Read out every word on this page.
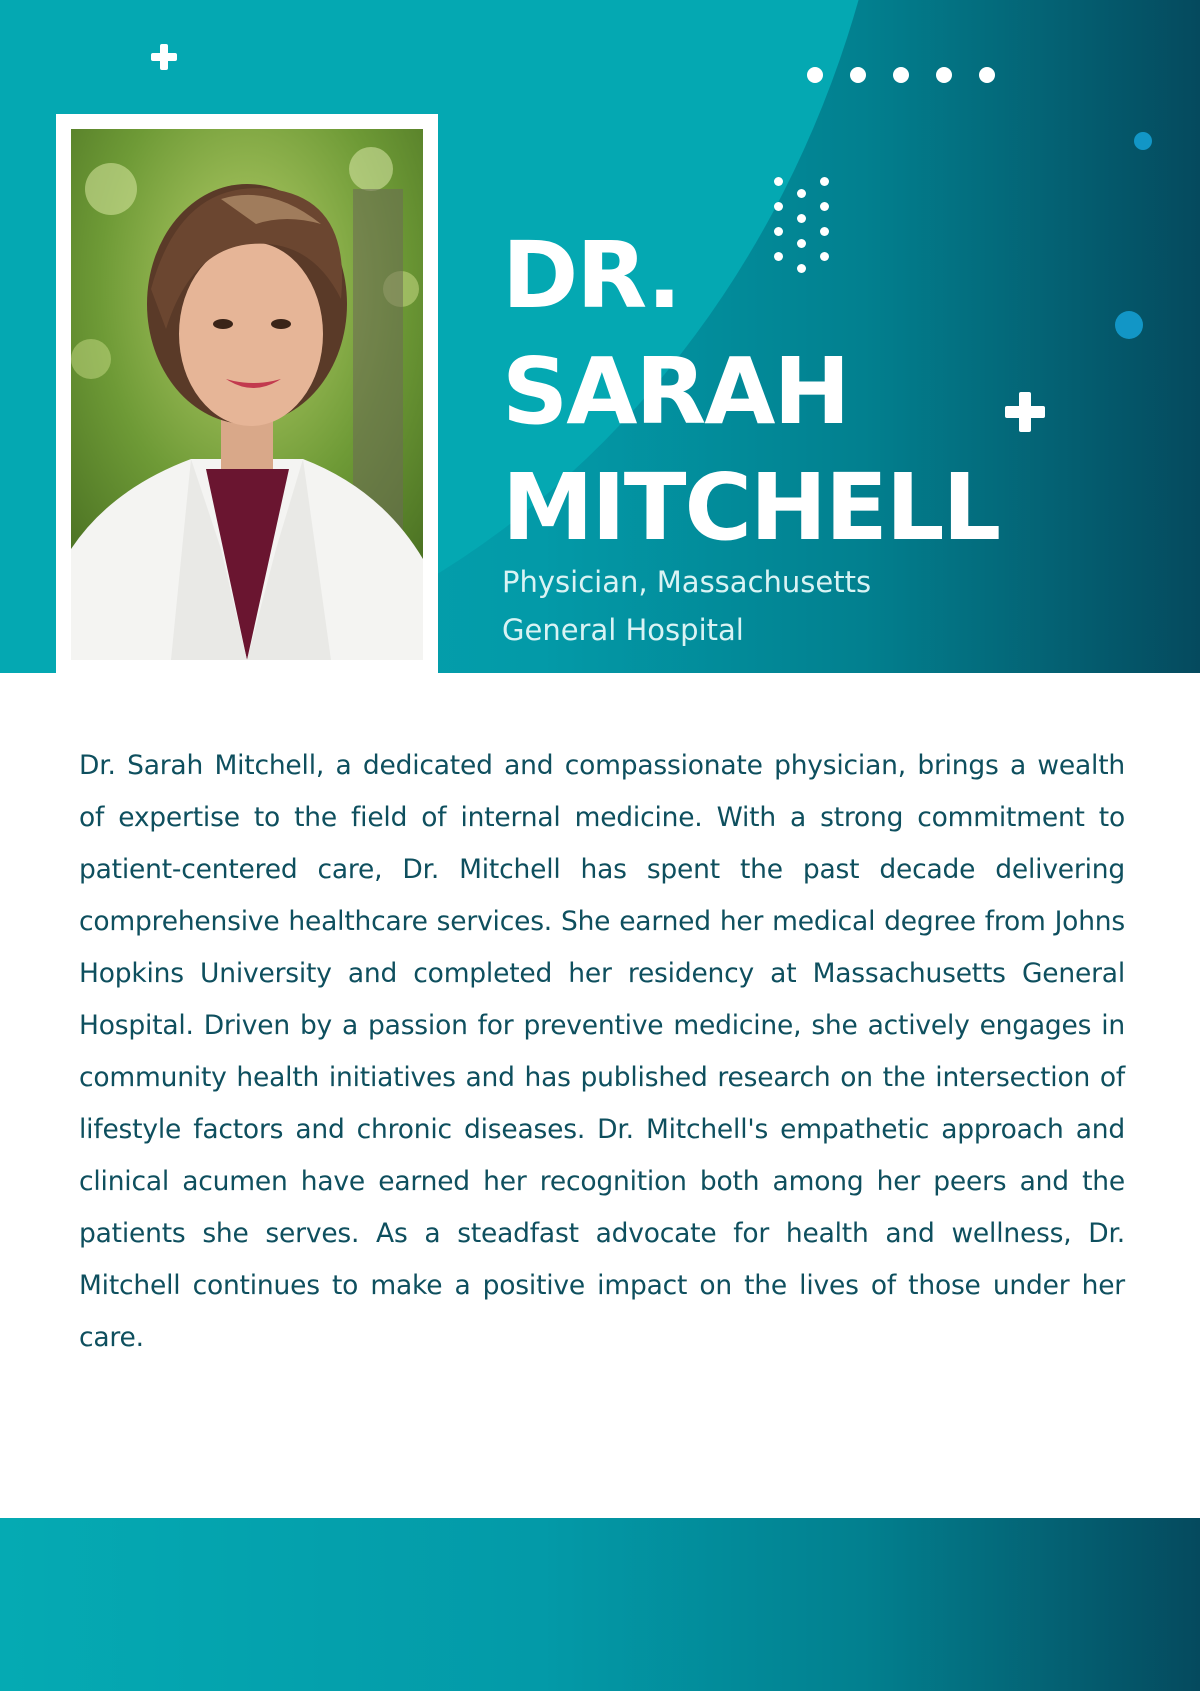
DR.
SARAH
MITCHELL
Physician, Massachusetts
General Hospital

Dr. Sarah Mitchell, a dedicated and compassionate physician, brings a wealth of expertise to the field of internal medicine. With a strong commitment to patient-centered care, Dr. Mitchell has spent the past decade delivering comprehensive healthcare services. She earned her medical degree from Johns Hopkins University and completed her residency at Massachusetts General Hospital. Driven by a passion for preventive medicine, she actively engages in community health initiatives and has published research on the intersection of lifestyle factors and chronic diseases. Dr. Mitchell's empathetic approach and clinical acumen have earned her recognition both among her peers and the patients she serves. As a steadfast advocate for health and wellness, Dr. Mitchell continues to make a positive impact on the lives of those under her care.
